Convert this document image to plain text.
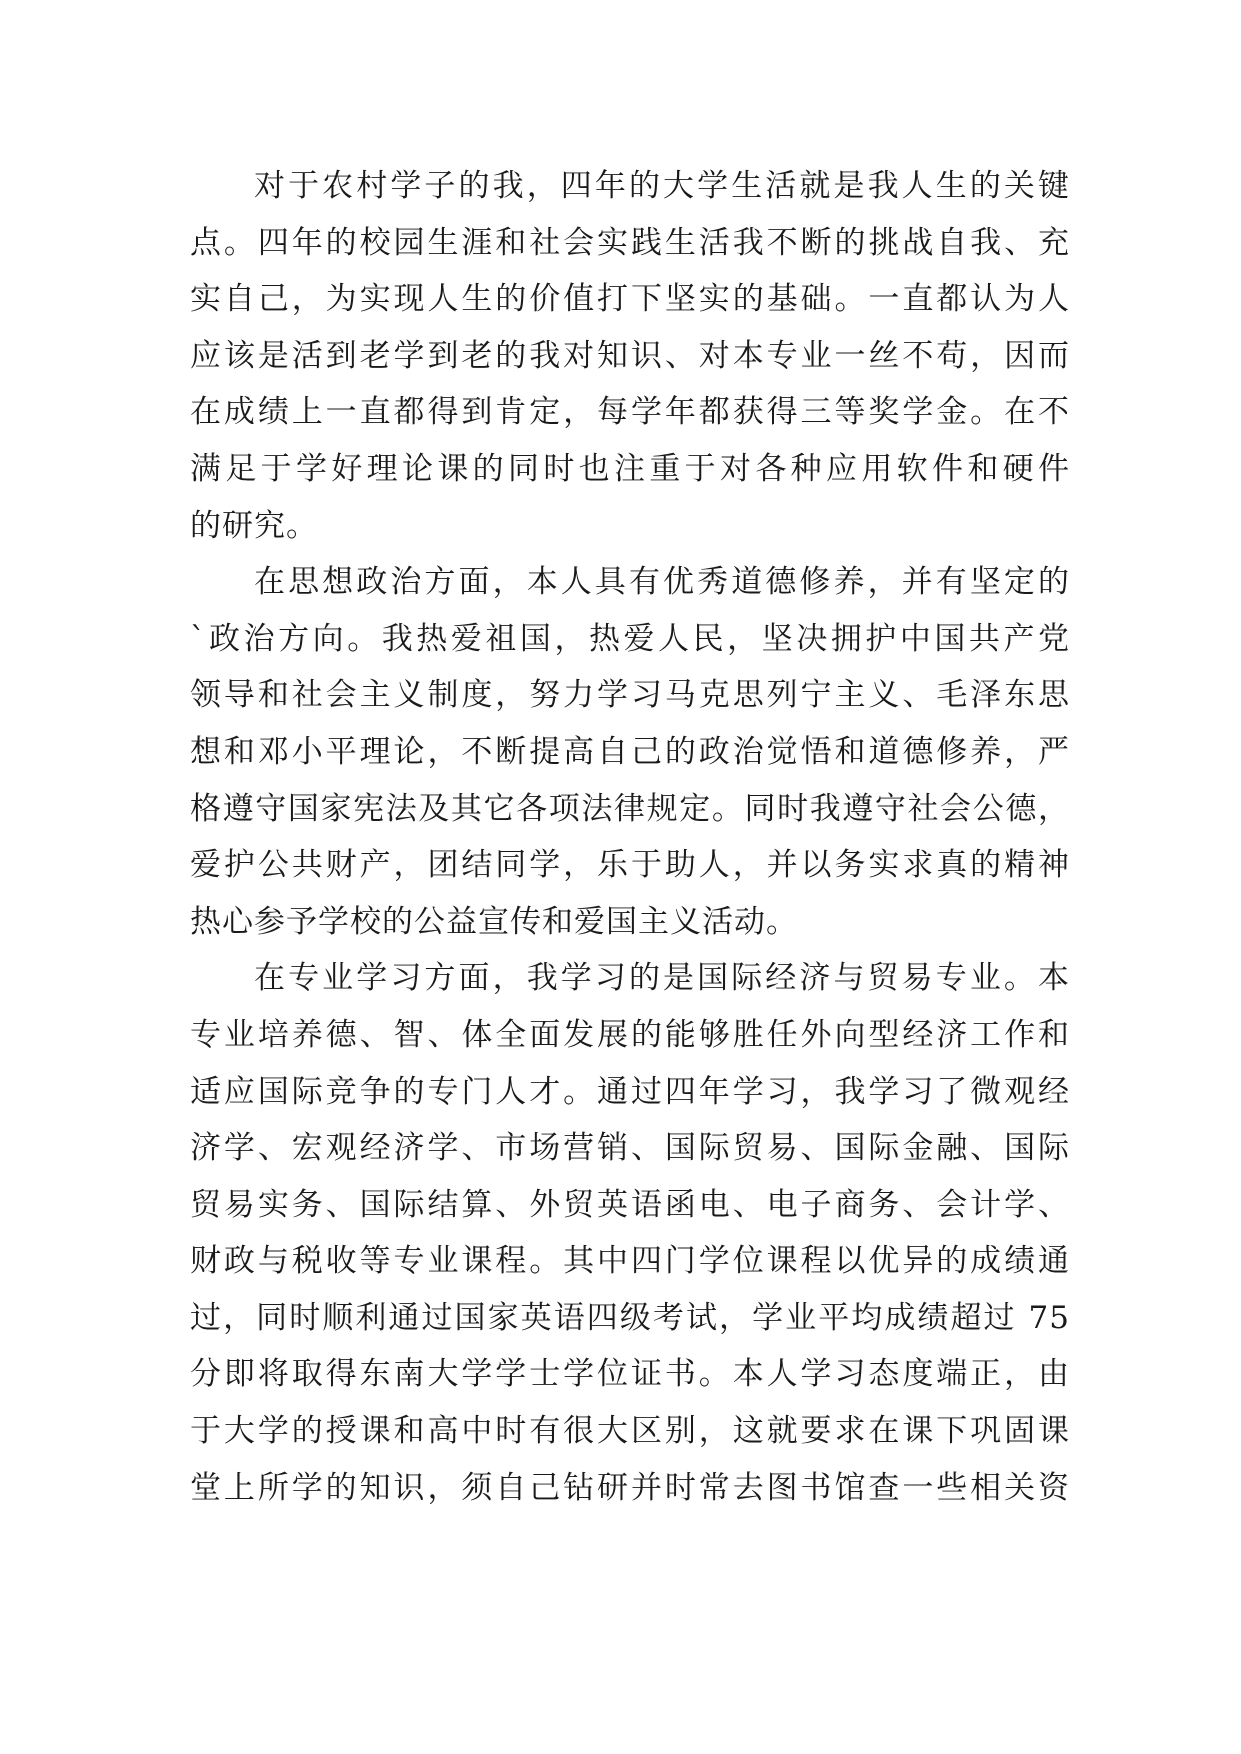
对于农村学子的我，四年的大学生活就是我人生的关键
点。四年的校园生涯和社会实践生活我不断的挑战自我、充
实自己，为实现人生的价值打下坚实的基础。一直都认为人
应该是活到老学到老的我对知识、对本专业一丝不苟，因而
在成绩上一直都得到肯定，每学年都获得三等奖学金。在不
满足于学好理论课的同时也注重于对各种应用软件和硬件
的研究。
在思想政治方面，本人具有优秀道德修养，并有坚定的
`政治方向。我热爱祖国，热爱人民，坚决拥护中国共产党
领导和社会主义制度，努力学习马克思列宁主义、毛泽东思
想和邓小平理论，不断提高自己的政治觉悟和道德修养，严
格遵守国家宪法及其它各项法律规定。同时我遵守社会公德，
爱护公共财产，团结同学，乐于助人，并以务实求真的精神
热心参予学校的公益宣传和爱国主义活动。
在专业学习方面，我学习的是国际经济与贸易专业。本
专业培养德、智、体全面发展的能够胜任外向型经济工作和
适应国际竞争的专门人才。通过四年学习，我学习了微观经
济学、宏观经济学、市场营销、国际贸易、国际金融、国际
贸易实务、国际结算、外贸英语函电、电子商务、会计学、
财政与税收等专业课程。其中四门学位课程以优异的成绩通
过，同时顺利通过国家英语四级考试，学业平均成绩超过 75
分即将取得东南大学学士学位证书。本人学习态度端正，由
于大学的授课和高中时有很大区别，这就要求在课下巩固课
堂上所学的知识，须自己钻研并时常去图书馆查一些相关资
